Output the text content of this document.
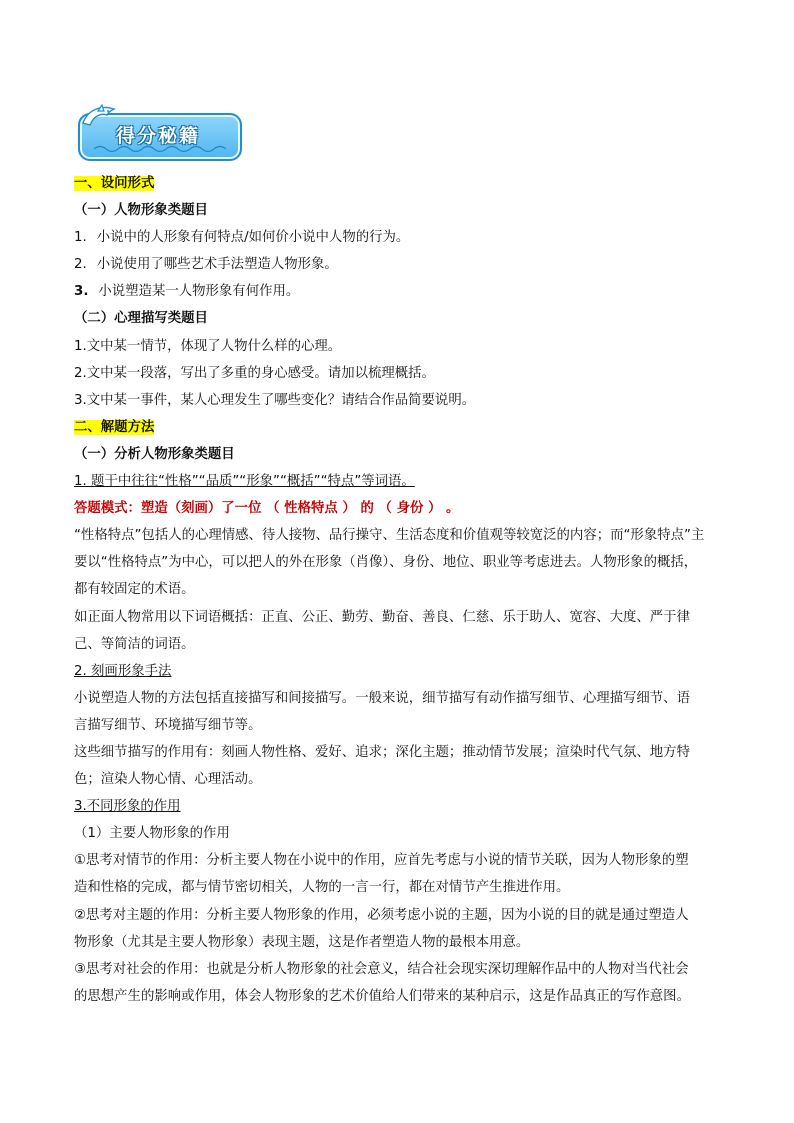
得分秘籍
一、设问形式
（一）人物形象类题目
1. 小说中的人形象有何特点/如何价小说中人物的行为。
2. 小说使用了哪些艺术手法塑造人物形象。
3. 小说塑造某一人物形象有何作用。
（二）心理描写类题目
1.文中某一情节，体现了人物什么样的心理。
2.文中某一段落，写出了多重的身心感受。请加以梳理概括。
3.文中某一事件，某人心理发生了哪些变化？请结合作品简要说明。
二、解题方法
（一）分析人物形象类题目
1. 题干中往往“性格”“品质”“形象”“概括”“特点”等词语。
答题模式：塑造（刻画）了一位 （ 性格特点 ） 的 （ 身份 ） 。
“性格特点”包括人的心理情感、待人接物、品行操守、生活态度和价值观等较宽泛的内容；而“形象特点”主
要以“性格特点”为中心，可以把人的外在形象（肖像）、身份、地位、职业等考虑进去。人物形象的概括，
都有较固定的术语。
如正面人物常用以下词语概括：正直、公正、勤劳、勤奋、善良、仁慈、乐于助人、宽容、大度、严于律
己、等简洁的词语。
2. 刻画形象手法
小说塑造人物的方法包括直接描写和间接描写。一般来说，细节描写有动作描写细节、心理描写细节、语
言描写细节、环境描写细节等。
这些细节描写的作用有：刻画人物性格、爱好、追求；深化主题；推动情节发展；渲染时代气氛、地方特
色；渲染人物心情、心理活动。
3.不同形象的作用
（1）主要人物形象的作用
①思考对情节的作用：分析主要人物在小说中的作用，应首先考虑与小说的情节关联，因为人物形象的塑
造和性格的完成，都与情节密切相关，人物的一言一行，都在对情节产生推进作用。
②思考对主题的作用：分析主要人物形象的作用，必须考虑小说的主题，因为小说的目的就是通过塑造人
物形象（尤其是主要人物形象）表现主题，这是作者塑造人物的最根本用意。
③思考对社会的作用：也就是分析人物形象的社会意义，结合社会现实深切理解作品中的人物对当代社会
的思想产生的影响或作用，体会人物形象的艺术价值给人们带来的某种启示，这是作品真正的写作意图。
